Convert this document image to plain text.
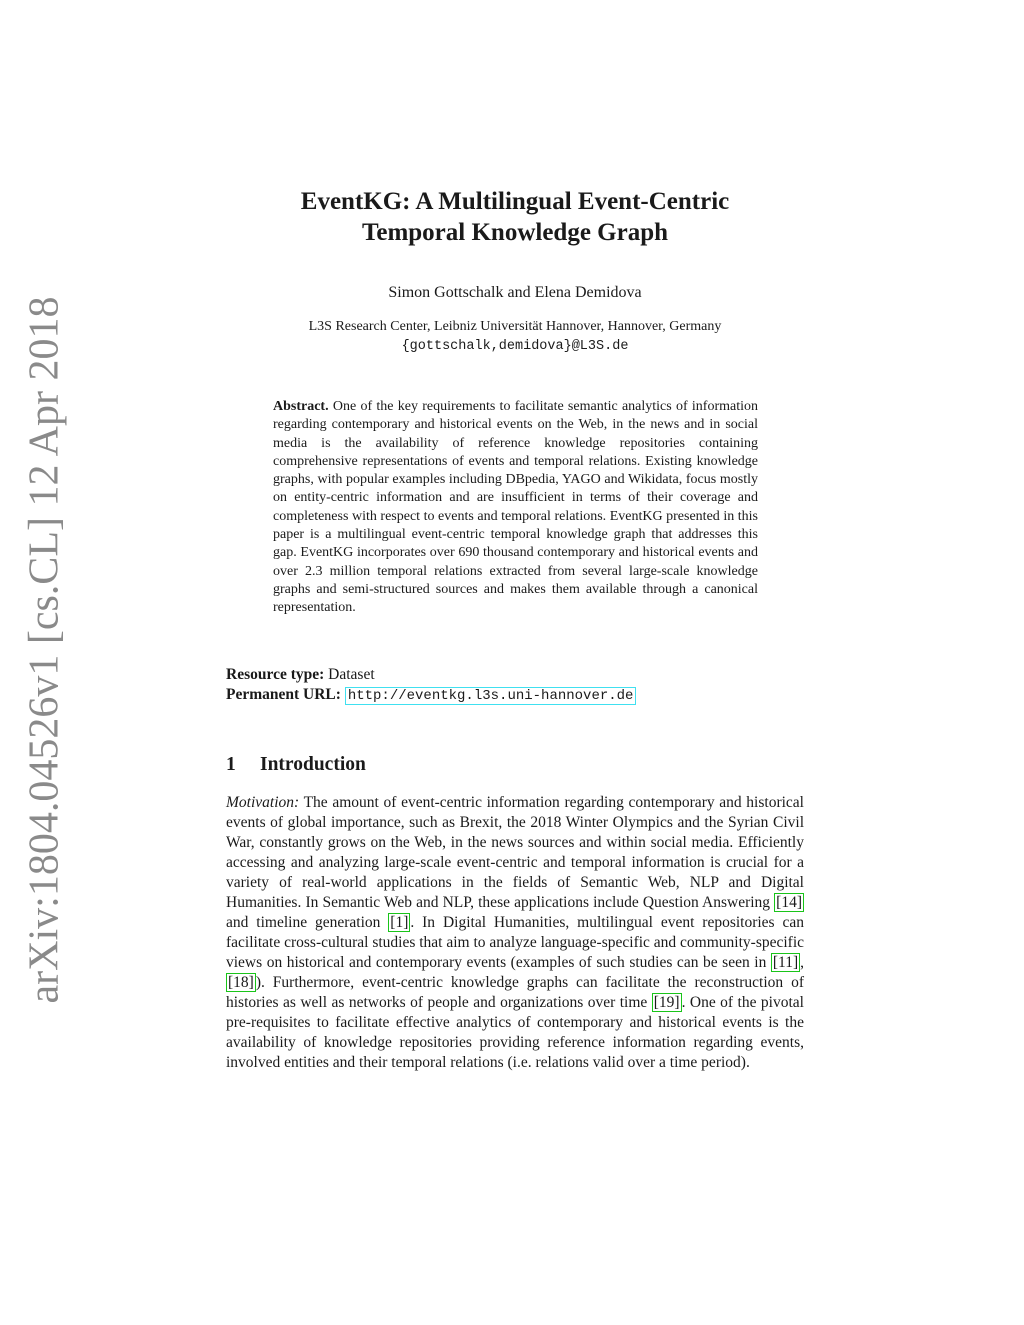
arXiv:1804.04526v1 [cs.CL] 12 Apr 2018
EventKG: A Multilingual Event-Centric
Temporal Knowledge Graph
Simon Gottschalk and Elena Demidova
L3S Research Center, Leibniz Universität Hannover, Hannover, Germany
{gottschalk,demidova}@L3S.de
Abstract. One of the key requirements to facilitate semantic analytics of information regarding contemporary and historical events on the Web, in the news and in social media is the availability of reference knowledge repositories containing comprehensive representations of events and temporal relations. Existing knowledge graphs, with popular examples including DBpedia, YAGO and Wikidata, focus mostly on entity-centric information and are insufficient in terms of their coverage and completeness with respect to events and temporal relations. EventKG presented in this paper is a multilingual event-centric temporal knowledge graph that addresses this gap. EventKG incorporates over 690 thousand contemporary and historical events and over 2.3 million temporal relations extracted from several large-scale knowledge graphs and semi-structured sources and makes them available through a canonical representation.
Resource type: Dataset
Permanent URL: http://eventkg.l3s.uni-hannover.de
1 Introduction
Motivation: The amount of event-centric information regarding contemporary and historical events of global importance, such as Brexit, the 2018 Winter Olympics and the Syrian Civil War, constantly grows on the Web, in the news sources and within social media. Efficiently accessing and analyzing large-scale event-centric and temporal information is crucial for a variety of real-world applications in the fields of Semantic Web, NLP and Digital Humanities. In Semantic Web and NLP, these applications include Question Answering [14] and timeline generation [1] . In Digital Humanities, multilingual event repositories can facilitate cross-cultural studies that aim to analyze language-specific and community-specific views on historical and contemporary events (examples of such studies can be seen in [11] , [18] ). Furthermore, event-centric knowledge graphs can facilitate the reconstruction of histories as well as networks of people and organizations over time [19] . One of the pivotal pre-requisites to facilitate effective analytics of contemporary and historical events is the availability of knowledge repositories providing reference information regarding events, involved entities and their temporal relations (i.e. relations valid over a time period).
